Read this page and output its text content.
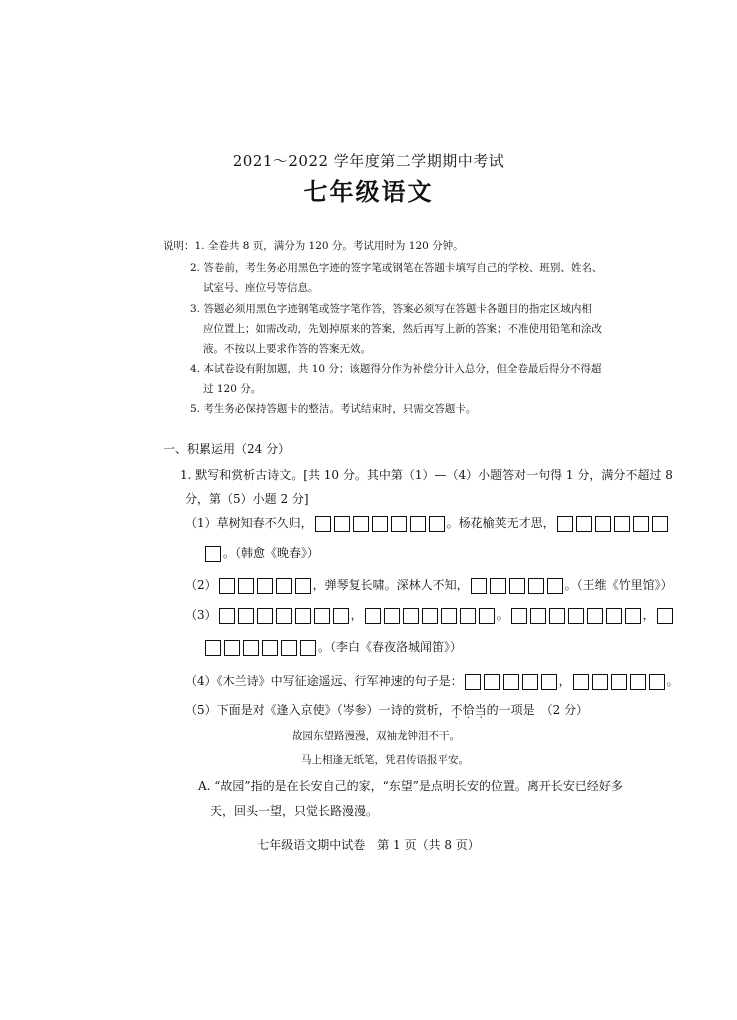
2021～2022 学年度第二学期期中考试
七年级语文
说明：1. 全卷共 8 页，满分为 120 分。考试用时为 120 分钟。
2. 答卷前，考生务必用黑色字迹的签字笔或钢笔在答题卡填写自己的学校、班别、姓名、
试室号、座位号等信息。
3. 答题必须用黑色字迹钢笔或签字笔作答，答案必须写在答题卡各题目的指定区域内相
应位置上；如需改动，先划掉原来的答案，然后再写上新的答案；不准使用铅笔和涂改
液。不按以上要求作答的答案无效。
4. 本试卷设有附加题，共 10 分；该题得分作为补偿分计入总分，但全卷最后得分不得超
过 120 分。
5. 考生务必保持答题卡的整洁。考试结束时，只需交答题卡。
一、积累运用（24 分）
1. 默写和赏析古诗文。[共 10 分。其中第（1）—（4）小题答对一句得 1 分，满分不超过 8
分，第（5）小题 2 分]
（1）草树知春不久归，	。杨花榆荚无才思，
。（韩愈《晚春》）
（2）	，弹琴复长啸。深林人不知，	。（王维《竹里馆》）
（3）	，	。	，
。（李白《春夜洛城闻笛》）
（4）《木兰诗》中写征途遥远、行军神速的句子是：	，	。
（5）下面是对《逢入京使》（岑参）一诗的赏析，• • • 不恰当的一项是　（2 分）
故园东望路漫漫，双袖龙钟泪不干。
马上相逢无纸笔，凭君传语报平安。
A. “故园”指的是在长安自己的家，“东望”是点明长安的位置。离开长安已经好多
天，回头一望，只觉长路漫漫。
七年级语文期中试卷　第 1 页（共 8 页）
